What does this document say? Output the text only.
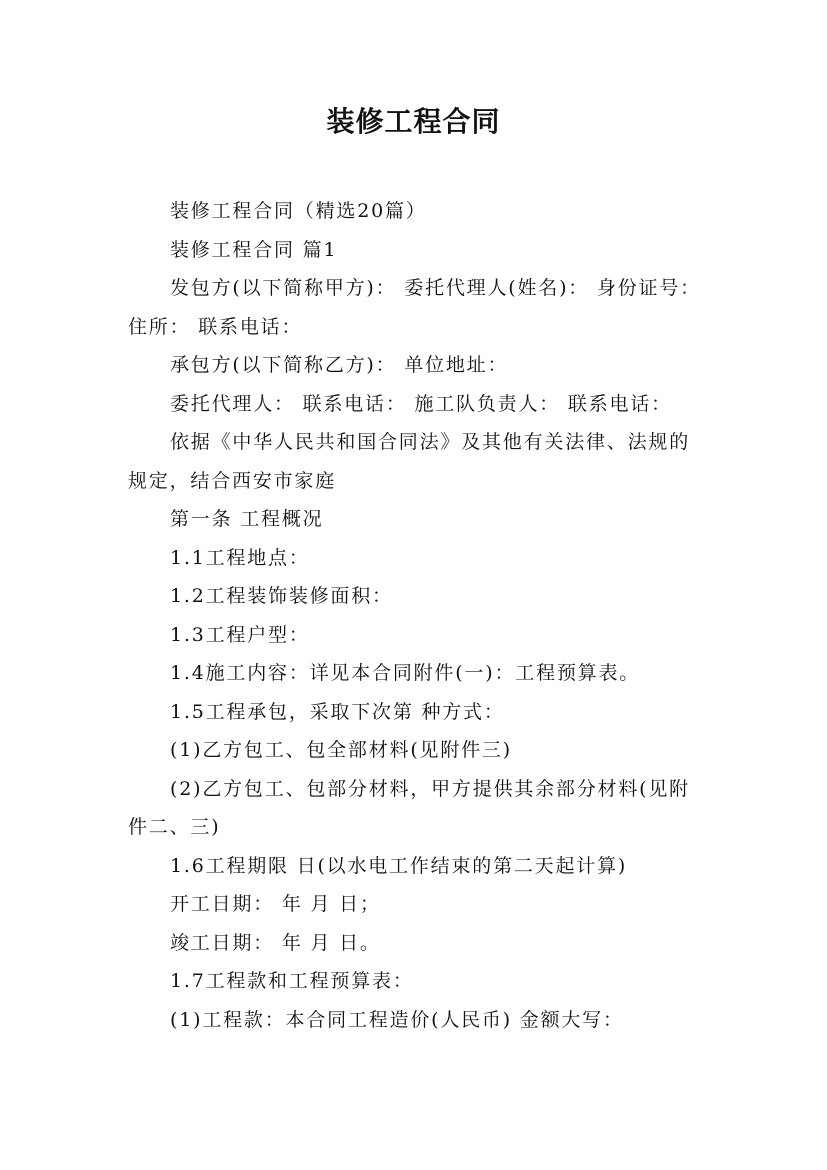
装修工程合同

装修工程合同（精选20篇）

装修工程合同 篇1

发包方(以下简称甲方)： 委托代理人(姓名)： 身份证号： 住所： 联系电话：

承包方(以下简称乙方)： 单位地址：

委托代理人： 联系电话： 施工队负责人： 联系电话：

依据《中华人民共和国合同法》及其他有关法律、法规的规定，结合西安市家庭

第一条 工程概况

1.1工程地点：

1.2工程装饰装修面积：

1.3工程户型：

1.4施工内容：详见本合同附件(一)：工程预算表。

1.5工程承包，采取下次第 种方式：

(1)乙方包工、包全部材料(见附件三)

(2)乙方包工、包部分材料，甲方提供其余部分材料(见附件二、三)

1.6工程期限 日(以水电工作结束的第二天起计算)

开工日期： 年 月 日；

竣工日期： 年 月 日。

1.7工程款和工程预算表：

(1)工程款：本合同工程造价(人民币) 金额大写：
